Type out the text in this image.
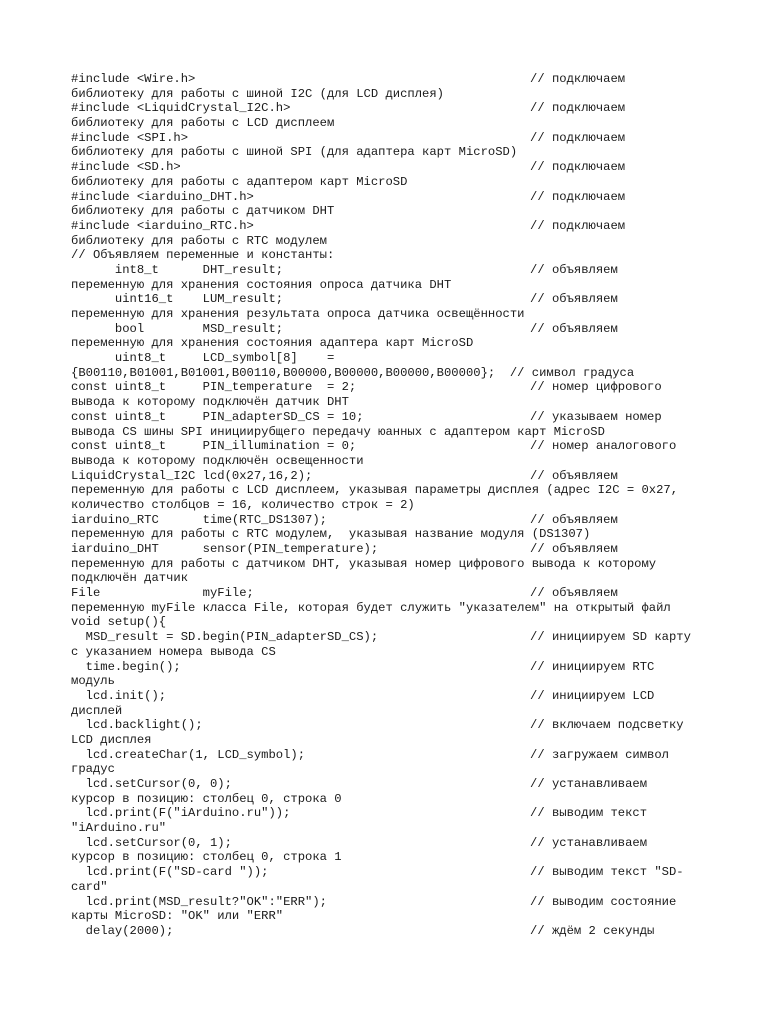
#include <Wire.h>	// подключаем
библиотеку для работы с шиной I2C (для LCD дисплея)
#include <LiquidCrystal_I2C.h>	// подключаем
библиотеку для работы с LCD дисплеем
#include <SPI.h>	// подключаем
библиотеку для работы с шиной SPI (для адаптера карт MicroSD)
#include <SD.h>	// подключаем
библиотеку для работы с адаптером карт MicroSD
#include <iarduino_DHT.h>	// подключаем
библиотеку для работы с датчиком DHT
#include <iarduino_RTC.h>	// подключаем
библиотеку для работы с RTC модулем
// Объявляем переменные и константы:
int8_t      DHT_result;	// объявляем
переменную для хранения состояния опроса датчика DHT
uint16_t    LUM_result;	// объявляем
переменную для хранения результата опроса датчика освещённости
bool        MSD_result;	// объявляем
переменную для хранения состояния адаптера карт MicroSD
uint8_t     LCD_symbol[8]    =
{B00110,B01001,B01001,B00110,B00000,B00000,B00000,B00000};  // символ градуса
const uint8_t     PIN_temperature  = 2;	// номер цифрового
вывода к которому подключён датчик DHT
const uint8_t     PIN_adapterSD_CS = 10;	// указываем номер
вывода CS шины SPI инициирубщего передачу юанных с адаптером карт MicroSD
const uint8_t     PIN_illumination = 0;	// номер аналогового
вывода к которому подключён освещенности
LiquidCrystal_I2C lcd(0x27,16,2);	// объявляем
переменную для работы с LCD дисплеем, указывая параметры дисплея (адрес I2C = 0x27,
количество столбцов = 16, количество строк = 2)
iarduino_RTC      time(RTC_DS1307);	// объявляем
переменную для работы с RTC модулем,  указывая название модуля (DS1307)
iarduino_DHT      sensor(PIN_temperature);	// объявляем
переменную для работы с датчиком DHT, указывая номер цифрового вывода к которому
подключён датчик
File              myFile;	// объявляем
переменную myFile класса File, которая будет служить "указателем" на открытый файл
void setup(){
MSD_result = SD.begin(PIN_adapterSD_CS);	// инициируем SD карту
с указанием номера вывода CS
time.begin();	// инициируем RTC
модуль
lcd.init();	// инициируем LCD
дисплей
lcd.backlight();	// включаем подсветку
LCD дисплея
lcd.createChar(1, LCD_symbol);	// загружаем символ
градус
lcd.setCursor(0, 0);	// устанавливаем
курсор в позицию: столбец 0, строка 0
lcd.print(F("iArduino.ru"));	// выводим текст
"iArduino.ru"
lcd.setCursor(0, 1);	// устанавливаем
курсор в позицию: столбец 0, строка 1
lcd.print(F("SD-card "));	// выводим текст "SD-
card"
lcd.print(MSD_result?"OK":"ERR");	// выводим состояние
карты MicroSD: "OK" или "ERR"
delay(2000);	// ждём 2 секунды
